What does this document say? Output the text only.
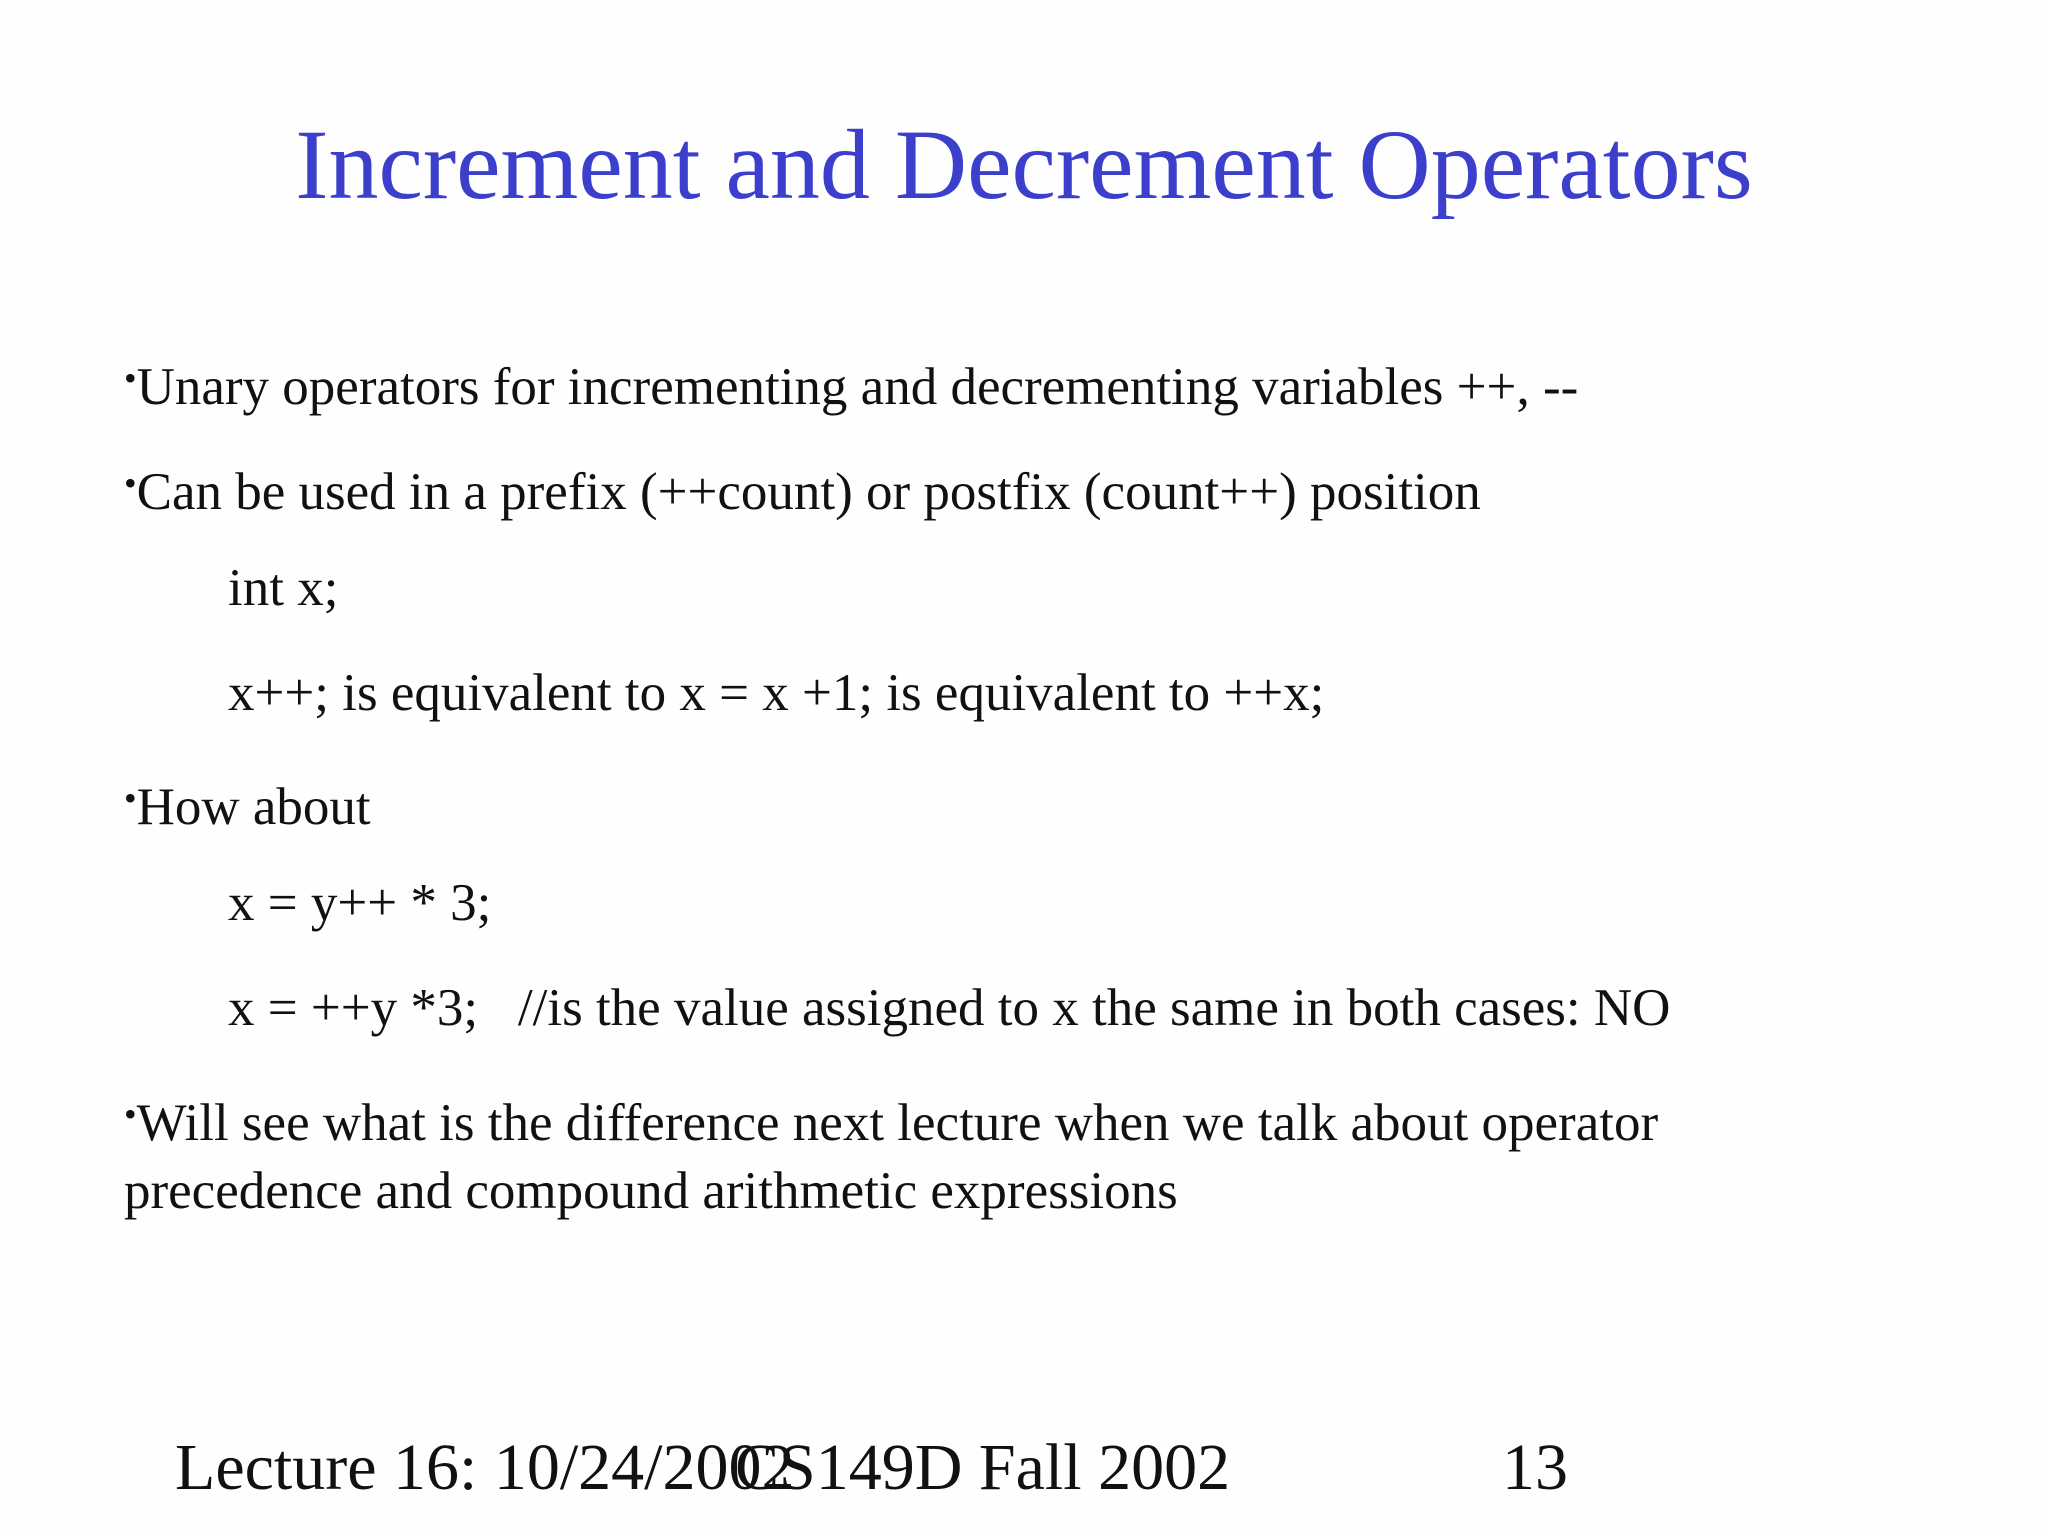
Increment and Decrement Operators
•Unary operators for incrementing and decrementing variables ++, --
•Can be used in a prefix (++count) or postfix (count++) position
int x;
x++; is equivalent to x = x +1; is equivalent to ++x;
•How about
x = y++ * 3;
x = ++y *3;   //is the value assigned to x the same in both cases: NO
•Will see what is the difference next lecture when we talk about operator precedence and compound arithmetic expressions
Lecture 16: 10/24/2002
CS149D Fall 2002	13
